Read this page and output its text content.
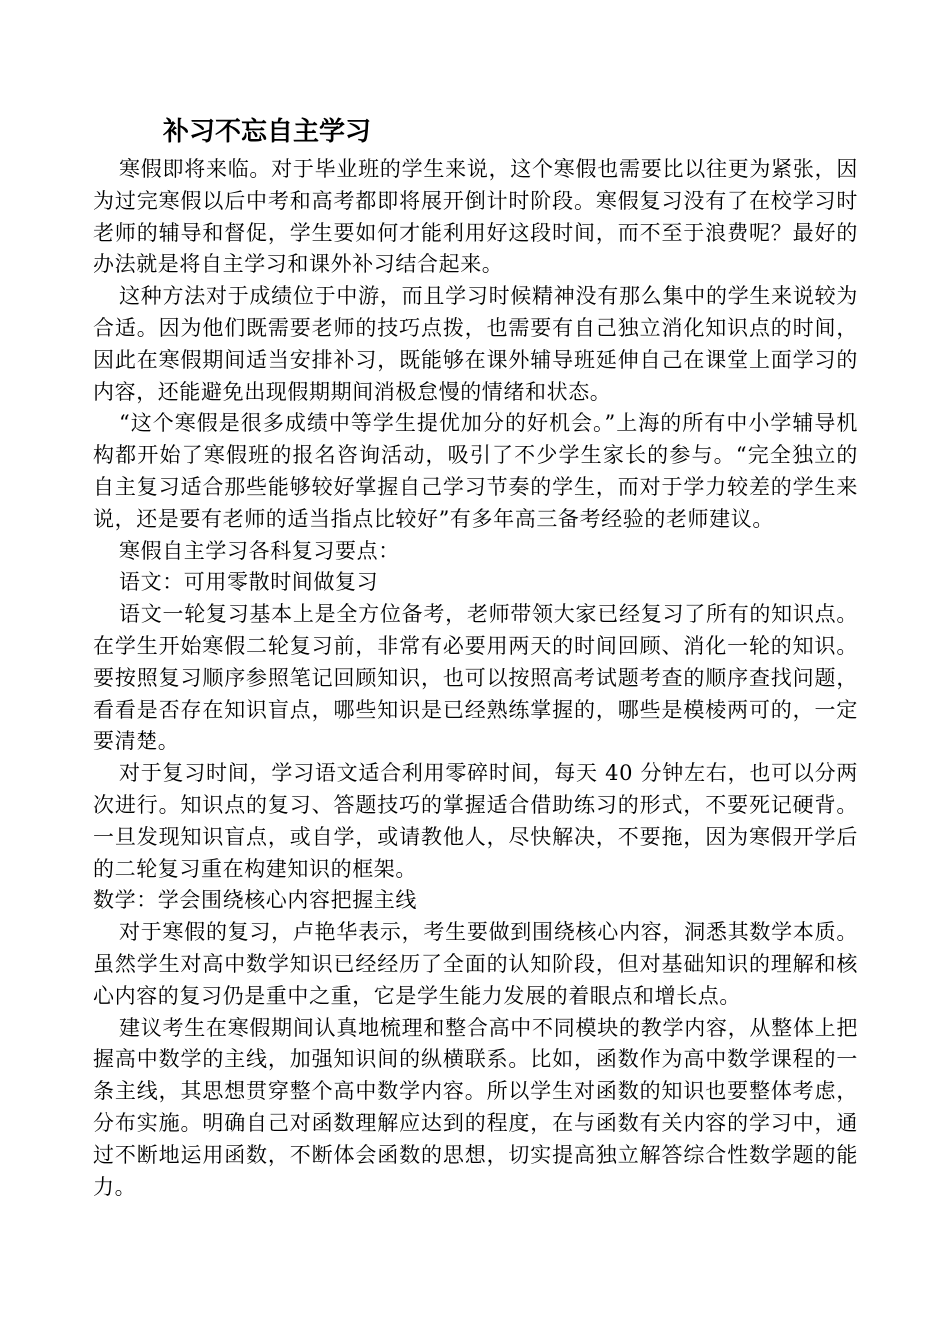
补习不忘自主学习

寒假即将来临。对于毕业班的学生来说，这个寒假也需要比以往更为紧张，因为过完寒假以后中考和高考都即将展开倒计时阶段。寒假复习没有了在校学习时老师的辅导和督促，学生要如何才能利用好这段时间，而不至于浪费呢？最好的办法就是将自主学习和课外补习结合起来。

这种方法对于成绩位于中游，而且学习时候精神没有那么集中的学生来说较为合适。因为他们既需要老师的技巧点拨，也需要有自己独立消化知识点的时间，因此在寒假期间适当安排补习，既能够在课外辅导班延伸自己在课堂上面学习的内容，还能避免出现假期期间消极怠慢的情绪和状态。

“这个寒假是很多成绩中等学生提优加分的好机会。”上海的所有中小学辅导机构都开始了寒假班的报名咨询活动，吸引了不少学生家长的参与。“完全独立的自主复习适合那些能够较好掌握自己学习节奏的学生，而对于学力较差的学生来说，还是要有老师的适当指点比较好”有多年高三备考经验的老师建议。

寒假自主学习各科复习要点：

语文：可用零散时间做复习

语文一轮复习基本上是全方位备考，老师带领大家已经复习了所有的知识点。在学生开始寒假二轮复习前，非常有必要用两天的时间回顾、消化一轮的知识。要按照复习顺序参照笔记回顾知识，也可以按照高考试题考查的顺序查找问题，看看是否存在知识盲点，哪些知识是已经熟练掌握的，哪些是模棱两可的，一定要清楚。

对于复习时间，学习语文适合利用零碎时间，每天 40 分钟左右，也可以分两次进行。知识点的复习、答题技巧的掌握适合借助练习的形式，不要死记硬背。一旦发现知识盲点，或自学，或请教他人，尽快解决，不要拖，因为寒假开学后的二轮复习重在构建知识的框架。

数学：学会围绕核心内容把握主线

对于寒假的复习，卢艳华表示，考生要做到围绕核心内容，洞悉其数学本质。虽然学生对高中数学知识已经经历了全面的认知阶段，但对基础知识的理解和核心内容的复习仍是重中之重，它是学生能力发展的着眼点和增长点。

建议考生在寒假期间认真地梳理和整合高中不同模块的教学内容，从整体上把握高中数学的主线，加强知识间的纵横联系。比如，函数作为高中数学课程的一条主线，其思想贯穿整个高中数学内容。所以学生对函数的知识也要整体考虑，分布实施。明确自己对函数理解应达到的程度，在与函数有关内容的学习中，通过不断地运用函数，不断体会函数的思想，切实提高独立解答综合性数学题的能力。
